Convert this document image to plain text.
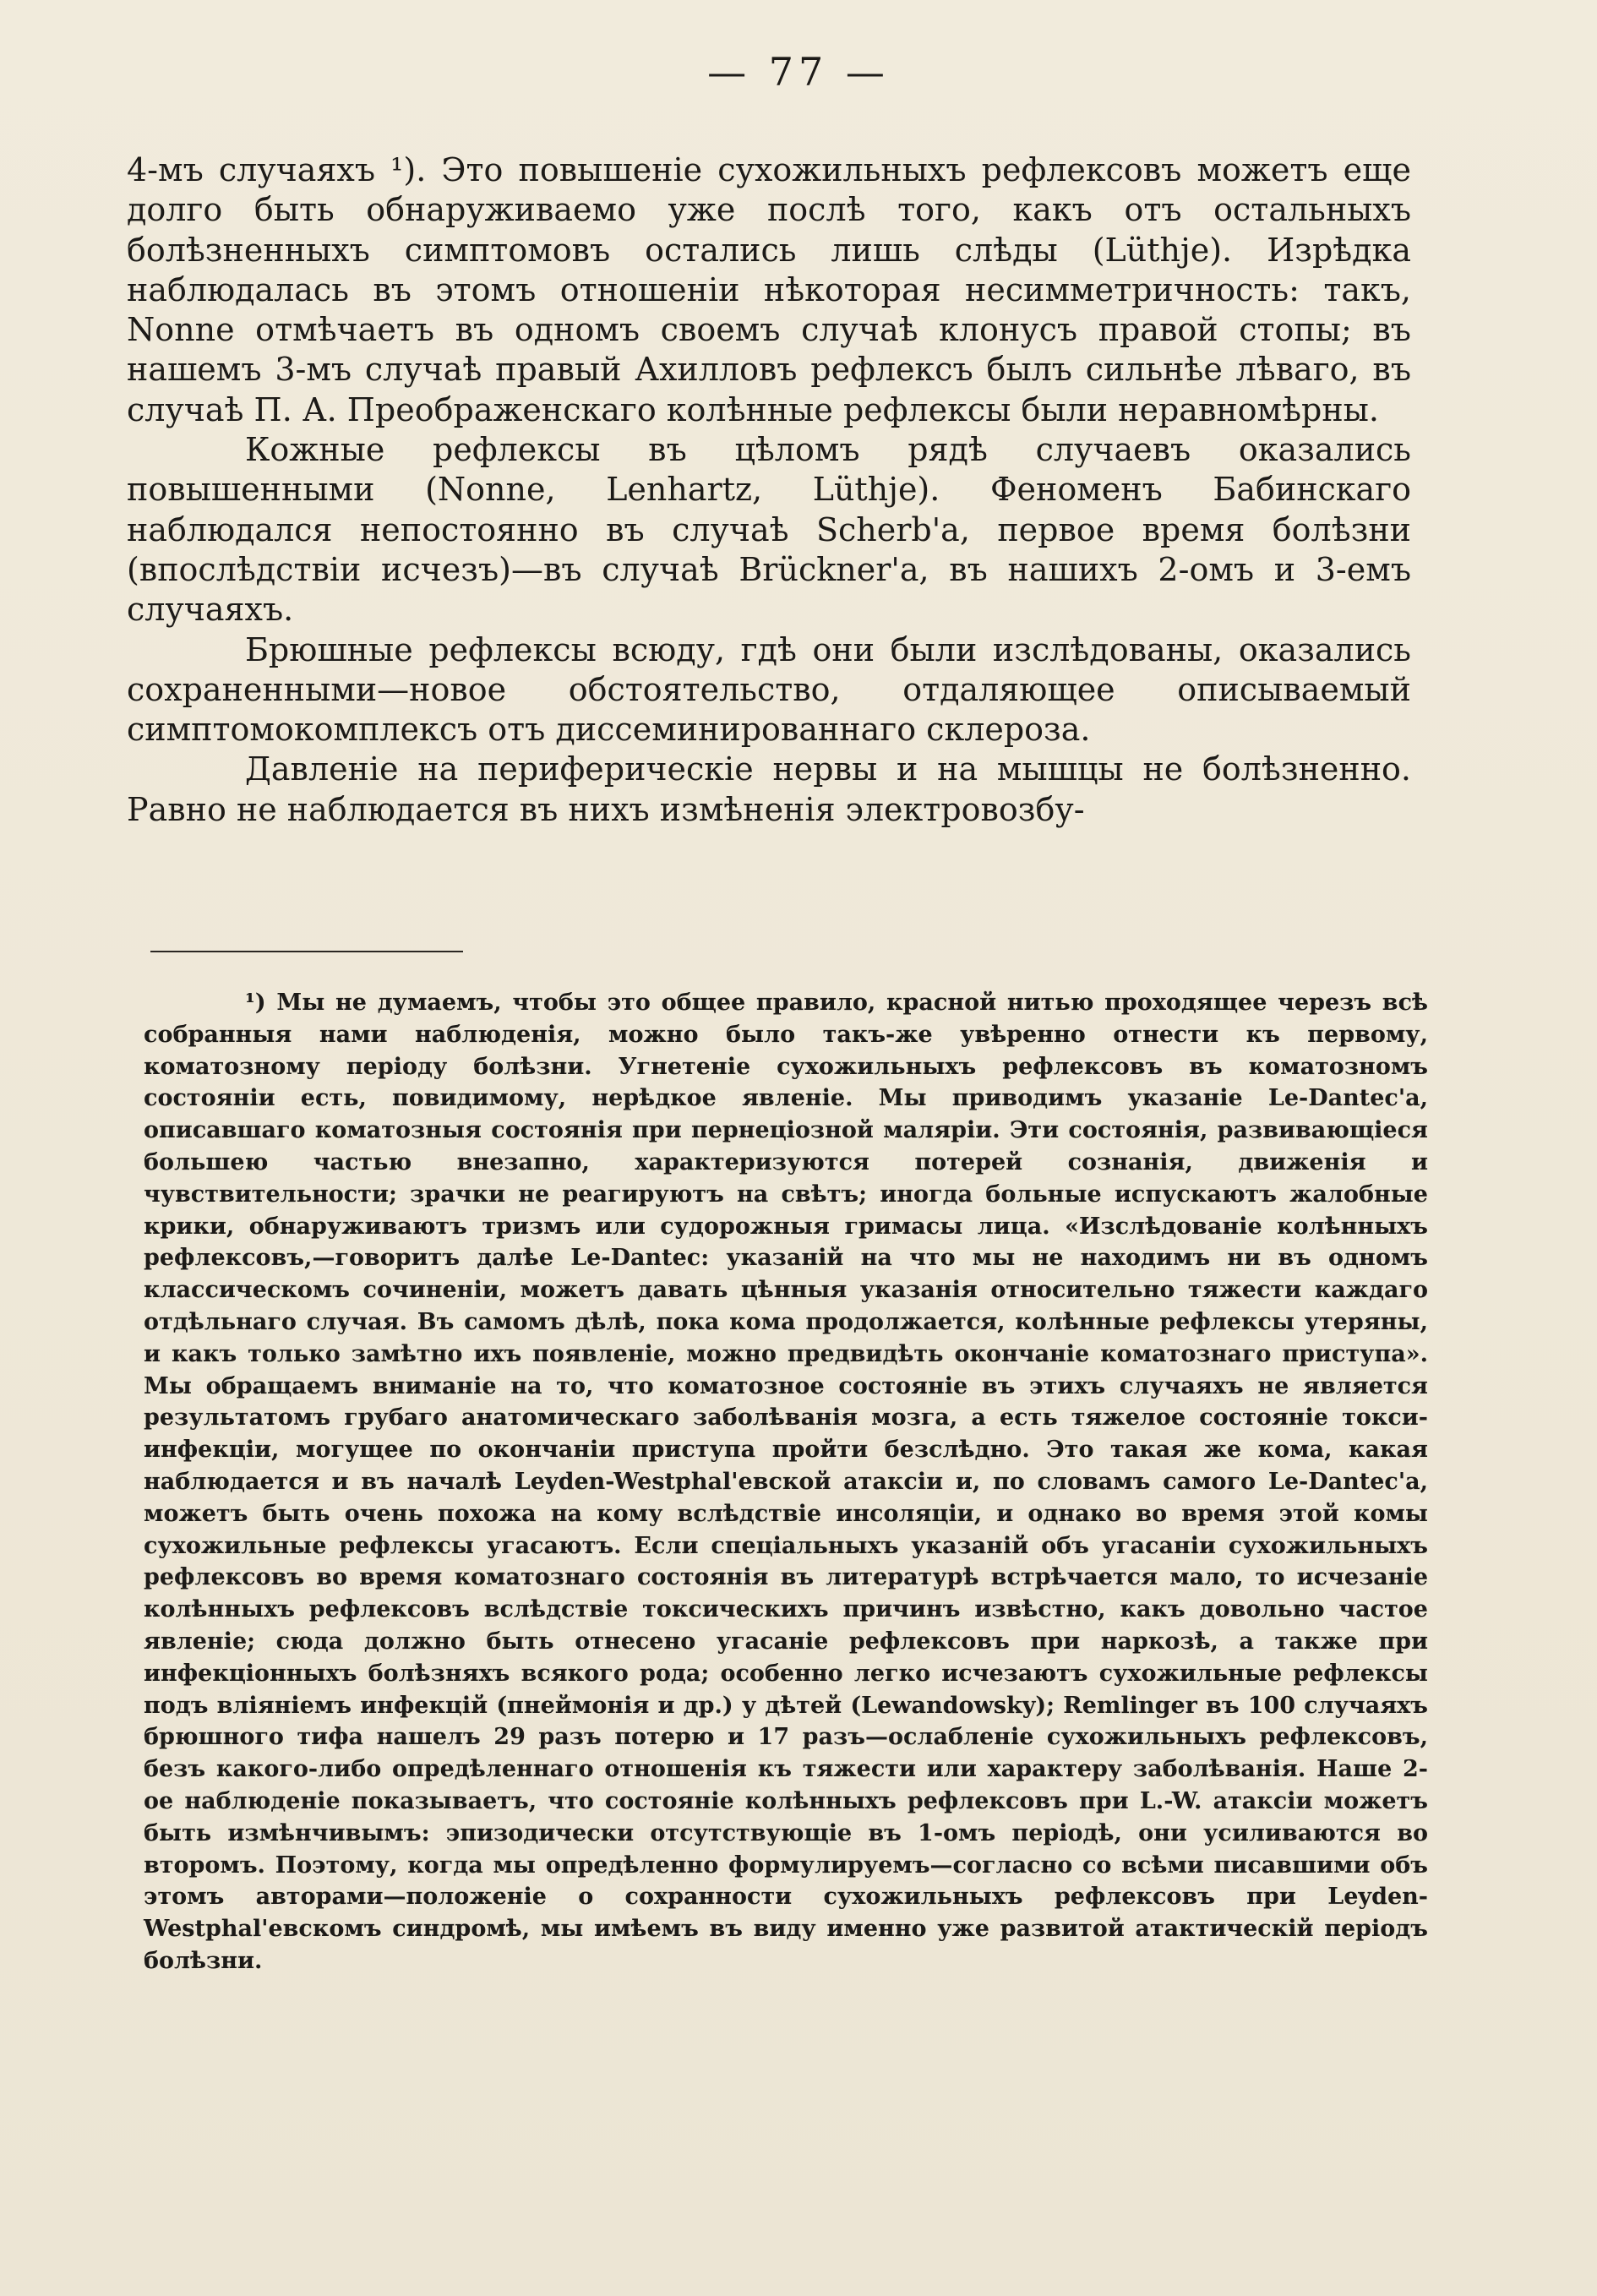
— 77 —

4-мъ случаяхъ ¹). Это повышеніе сухожильныхъ рефлексовъ можетъ еще долго быть обнаруживаемо уже послѣ того, какъ отъ остальныхъ болѣзненныхъ симптомовъ остались лишь слѣды (Lüthje). Изрѣдка наблюдалась въ этомъ отношеніи нѣкоторая несимметричность: такъ, Nonne отмѣчаетъ въ одномъ своемъ случаѣ клонусъ правой стопы; въ нашемъ 3-мъ случаѣ правый Ахилловъ рефлексъ былъ сильнѣе лѣваго, въ случаѣ П. А. Преображенскаго колѣнные рефлексы были неравномѣрны.

Кожные рефлексы въ цѣломъ рядѣ случаевъ оказались повышенными (Nonne, Lenhartz, Lüthje). Феноменъ Бабинскаго наблюдался непостоянно въ случаѣ Scherb'а, первое время болѣзни (впослѣдствіи исчезъ)—въ случаѣ Brückner'а, въ нашихъ 2-омъ и 3-емъ случаяхъ.

Брюшные рефлексы всюду, гдѣ они были изслѣдованы, оказались сохраненными—новое обстоятельство, отдаляющее описываемый симптомокомплексъ отъ диссеминированнаго склероза.

Давленіе на периферическіе нервы и на мышцы не болѣзненно. Равно не наблюдается въ нихъ измѣненія электровозбу-

¹) Мы не думаемъ, чтобы это общее правило, красной нитью проходящее черезъ всѣ собранныя нами наблюденія, можно было такъ-же увѣренно отнести къ первому, коматозному періоду болѣзни. Угнетеніе сухожильныхъ рефлексовъ въ коматозномъ состояніи есть, повидимому, нерѣдкое явленіе. Мы приводимъ указаніе Le-Dantec'а, описавшаго коматозныя состоянія при пернеціозной маляріи. Эти состоянія, развивающіеся большею частью внезапно, характеризуются потерей сознанія, движенія и чувствительности; зрачки не реагируютъ на свѣтъ; иногда больные испускаютъ жалобные крики, обнаруживаютъ тризмъ или судорожныя гримасы лица. «Изслѣдованіе колѣнныхъ рефлексовъ,—говоритъ далѣе Le-Dantec: указаній на что мы не находимъ ни въ одномъ классическомъ сочиненіи, можетъ давать цѣнныя указанія относительно тяжести каждаго отдѣльнаго случая. Въ самомъ дѣлѣ, пока кома продолжается, колѣнные рефлексы утеряны, и какъ только замѣтно ихъ появленіе, можно предвидѣть окончаніе коматознаго приступа». Мы обращаемъ вниманіе на то, что коматозное состояніе въ этихъ случаяхъ не является результатомъ грубаго анатомическаго заболѣванія мозга, а есть тяжелое состояніе токси-инфекціи, могущее по окончаніи приступа пройти безслѣдно. Это такая же кома, какая наблюдается и въ началѣ Leyden-Westphal'евской атаксіи и, по словамъ самого Le-Dantec'а, можетъ быть очень похожа на кому вслѣдствіе инсоляціи, и однако во время этой комы сухожильные рефлексы угасаютъ. Если спеціальныхъ указаній объ угасаніи сухожильныхъ рефлексовъ во время коматознаго состоянія въ литературѣ встрѣчается мало, то исчезаніе колѣнныхъ рефлексовъ вслѣдствіе токсическихъ причинъ извѣстно, какъ довольно частое явленіе; сюда должно быть отнесено угасаніе рефлексовъ при наркозѣ, а также при инфекціонныхъ болѣзняхъ всякого рода; особенно легко исчезаютъ сухожильные рефлексы подъ вліяніемъ инфекцій (пнеймонія и др.) у дѣтей (Lewandowsky); Remlinger въ 100 случаяхъ брюшного тифа нашелъ 29 разъ потерю и 17 разъ—ослабленіе сухожильныхъ рефлексовъ, безъ какого-либо опредѣленнаго отношенія къ тяжести или характеру заболѣванія. Наше 2-ое наблюденіе показываетъ, что состояніе колѣнныхъ рефлексовъ при L.-W. атаксіи можетъ быть измѣнчивымъ: эпизодически отсутствующіе въ 1-омъ періодѣ, они усиливаются во второмъ. Поэтому, когда мы опредѣленно формулируемъ—согласно со всѣми писавшими объ этомъ авторами—положеніе о сохранности сухожильныхъ рефлексовъ при Leyden-Westphal'евскомъ синдромѣ, мы имѣемъ въ виду именно уже развитой атактическій періодъ болѣзни.
